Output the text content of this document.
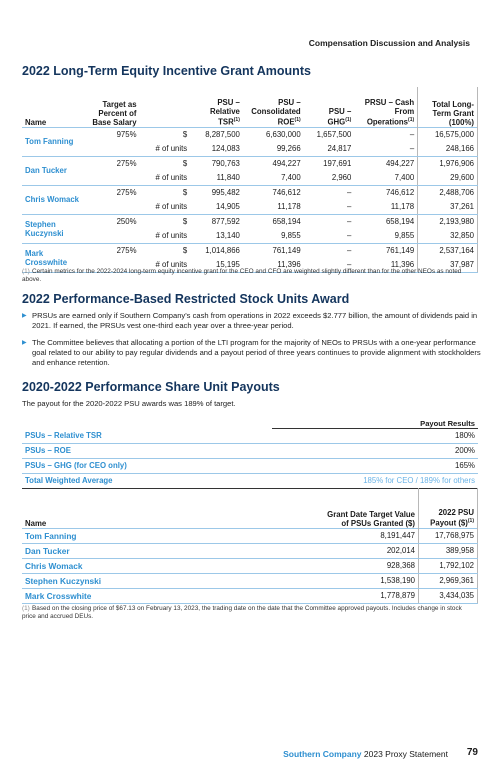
Compensation Discussion and Analysis
2022 Long-Term Equity Incentive Grant Amounts
Name	Target as Percent of Base Salary		PSU – Relative TSR$^{(1)}$	PSU – Consolidated ROE$^{(1)}$	PSU – GHG$^{(1)}$	PRSU – Cash From Operations$^{(1)}$	Total Long-Term Grant (100%)
Tom Fanning	975%	$	8,287,500	6,630,000	1,657,500	–	16,575,000
		# of units	124,083	99,266	24,817	–	248,166
Dan Tucker	275%	$	790,763	494,227	197,691	494,227	1,976,906
		# of units	11,840	7,400	2,960	7,400	29,600
Chris Womack	275%	$	995,482	746,612	–	746,612	2,488,706
		# of units	14,905	11,178	–	11,178	37,261
Stephen Kuczynski	250%	$	877,592	658,194	–	658,194	2,193,980
		# of units	13,140	9,855	–	9,855	32,850
Mark Crosswhite	275%	$	1,014,866	761,149	–	761,149	2,537,164
		# of units	15,195	11,396	–	11,396	37,987
(1) Certain metrics for the 2022-2024 long-term equity incentive grant for the CEO and CFO are weighted slightly different than for the other NEOs as noted above.
2022 Performance-Based Restricted Stock Units Award
▶ PRSUs are earned only if Southern Company's cash from operations in 2022 exceeds $2.777 billion, the amount of dividends paid in 2021. If earned, the PRSUs vest one-third each year over a three-year period.
▶ The Committee believes that allocating a portion of the LTI program for the majority of NEOs to PRSUs with a one-year performance goal related to our ability to pay regular dividends and a payout period of three years continues to provide alignment with stockholders and enhance retention.
2020-2022 Performance Share Unit Payouts
The payout for the 2020-2022 PSU awards was 189% of target.
	Payout Results
PSUs – Relative TSR	180%
PSUs – ROE	200%
PSUs – GHG (for CEO only)	165%
Total Weighted Average	185% for CEO / 189% for others
Name	Grant Date Target Value of PSUs Granted ($)	2022 PSU Payout ($)$^{(1)}$
Tom Fanning	8,191,447	17,768,975
Dan Tucker	202,014	389,958
Chris Womack	928,368	1,792,102
Stephen Kuczynski	1,538,190	2,969,361
Mark Crosswhite	1,778,879	3,434,035
(1) Based on the closing price of $67.13 on February 13, 2023, the trading date on the date that the Committee approved payouts. Includes change in stock price and accrued DEUs.
Southern Company 2023 Proxy Statement 79
